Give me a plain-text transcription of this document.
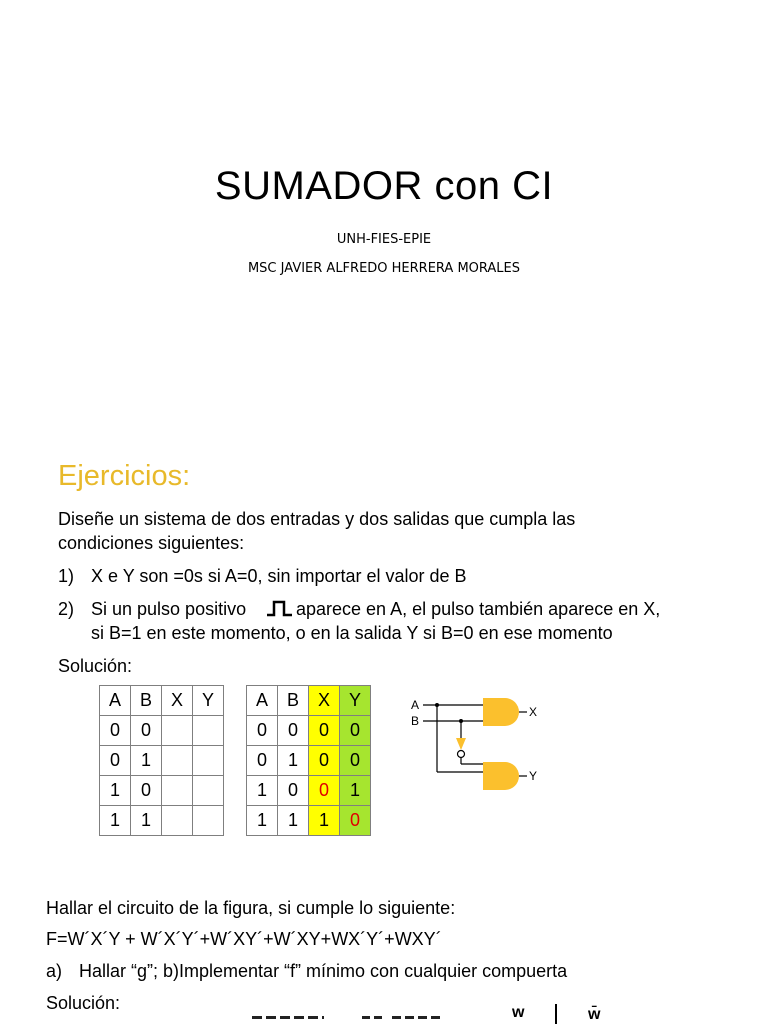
SUMADOR con CI
UNH-FIES-EPIE
MSC JAVIER ALFREDO HERRERA MORALES
Ejercicios:
Diseñe un sistema de dos entradas y dos salidas que cumpla las
condiciones siguientes:
1) X e Y son =0s si A=0, sin importar el valor de B
2) Si un pulso positivo	aparece en A, el pulso también aparece en X,
si B=1 en este momento, o en la salida Y si B=0 en ese momento
Solución:
A	B	X	Y
0	0		
0	1		
1	0		
1	1		
A	B	X	Y
0	0	0	0
0	1	0	0
1	0	0	1
1	1	1	0
A
B
X
Y
Hallar el circuito de la figura, si cumple lo siguiente:
F=W´X´Y + W´X´Y´+W´XY´+W´XY+WX´Y´+WXY´
a) Hallar “g”; b)Implementar “f” mínimo con cualquier compuerta
Solución:	w	w̄
